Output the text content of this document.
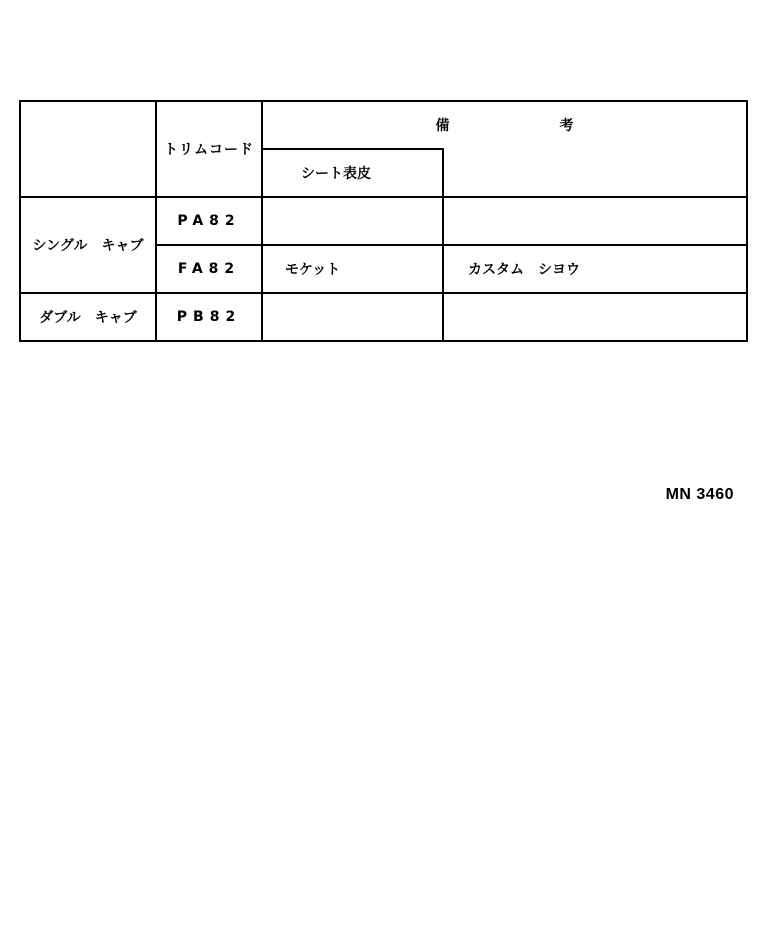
	トリムコード	備 考	
		シート表皮	
シングル　キャブ	PA82		
	FA82	モケット	カスタム　シヨウ
ダブル　キャブ	PB82		
MN 3460
